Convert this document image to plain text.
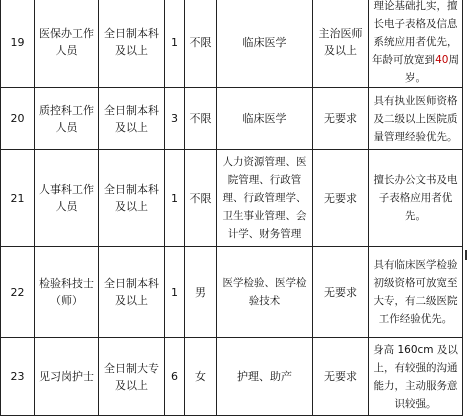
19	医保办工作人员	全日制本科及以上	1	不限	临床医学	主治医师及以上	理论基础扎实，擅长电子表格及信息系统应用者优先，年龄可放宽到40周岁。
20	质控科工作人员	全日制本科及以上	3	不限	临床医学	无要求	具有执业医师资格及二级以上医院质量管理经验优先。
21	人事科工作人员	全日制本科及以上	1	不限	人力资源管理、医院管理、行政管理、行政管理学、卫生事业管理、会计学、财务管理	无要求	擅长办公文书及电子表格应用者优先。
22	检验科技士（师）	全日制本科及以上	1	男	医学检验、医学检验技术	无要求	具有临床医学检验初级资格可放宽至大专，有二级医院工作经验优先。
23	见习岗护士	全日制大专及以上	6	女	护理、助产	无要求	身高 160cm 及以上，有较强的沟通能力，主动服务意识较强。
